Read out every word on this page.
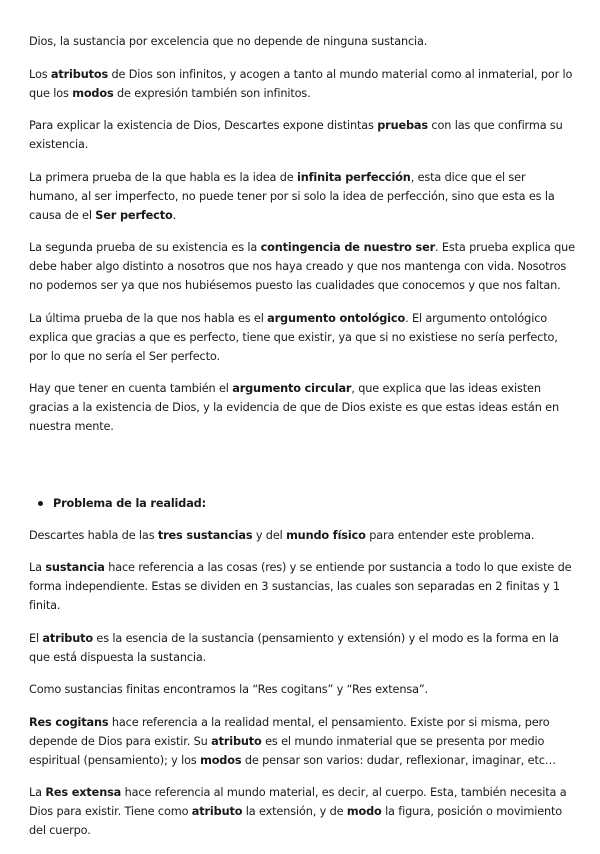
Dios, la sustancia por excelencia que no depende de ninguna sustancia.

Los atributos de Dios son infinitos, y acogen a tanto al mundo material como al inmaterial, por lo que los modos de expresión también son infinitos.

Para explicar la existencia de Dios, Descartes expone distintas pruebas con las que confirma su existencia.

La primera prueba de la que habla es la idea de infinita perfección, esta dice que el ser humano, al ser imperfecto, no puede tener por si solo la idea de perfección, sino que esta es la causa de el Ser perfecto.

La segunda prueba de su existencia es la contingencia de nuestro ser. Esta prueba explica que debe haber algo distinto a nosotros que nos haya creado y que nos mantenga con vida. Nosotros no podemos ser ya que nos hubiésemos puesto las cualidades que conocemos y que nos faltan.

La última prueba de la que nos habla es el argumento ontológico. El argumento ontológico explica que gracias a que es perfecto, tiene que existir, ya que si no existiese no sería perfecto, por lo que no sería el Ser perfecto.

Hay que tener en cuenta también el argumento circular, que explica que las ideas existen gracias a la existencia de Dios, y la evidencia de que de Dios existe es que estas ideas están en nuestra mente.

Problema de la realidad:

Descartes habla de las tres sustancias y del mundo físico para entender este problema.

La sustancia hace referencia a las cosas (res) y se entiende por sustancia a todo lo que existe de forma independiente. Estas se dividen en 3 sustancias, las cuales son separadas en 2 finitas y 1 finita.

El atributo es la esencia de la sustancia (pensamiento y extensión) y el modo es la forma en la que está dispuesta la sustancia.

Como sustancias finitas encontramos la “Res cogitans” y “Res extensa”.

Res cogitans hace referencia a la realidad mental, el pensamiento. Existe por si misma, pero depende de Dios para existir. Su atributo es el mundo inmaterial que se presenta por medio espiritual (pensamiento); y los modos de pensar son varios: dudar, reflexionar, imaginar, etc…

La Res extensa hace referencia al mundo material, es decir, al cuerpo. Esta, también necesita a Dios para existir. Tiene como atributo la extensión, y de modo la figura, posición o movimiento del cuerpo.
